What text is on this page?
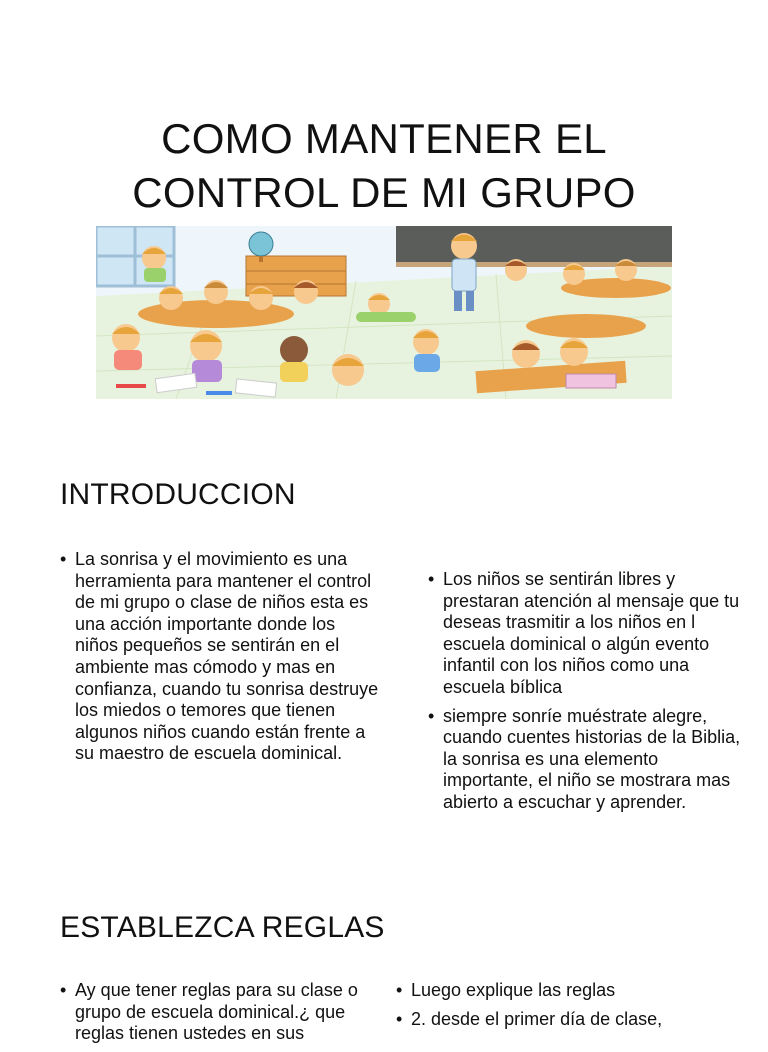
COMO MANTENER EL
CONTROL DE MI GRUPO
INTRODUCCION
• La sonrisa y el movimiento es una herramienta para mantener el control de mi grupo o clase de niños esta es una acción importante donde los niños pequeños se sentirán en el ambiente mas cómodo y mas en confianza, cuando tu sonrisa destruye los miedos o temores que tienen algunos niños cuando están frente a su maestro de escuela dominical.
• Los niños se sentirán libres y prestaran atención al mensaje que tu deseas trasmitir a los niños en l escuela dominical o algún evento infantil con los niños como una escuela bíblica
• siempre sonríe muéstrate alegre, cuando cuentes historias de la Biblia, la sonrisa es una elemento importante, el niño se mostrara mas abierto a escuchar y aprender.
ESTABLEZCA REGLAS
• Ay que tener reglas para su clase o grupo de escuela dominical.¿ que reglas tienen ustedes en sus
• Luego explique las reglas
• 2. desde el primer día de clase,
